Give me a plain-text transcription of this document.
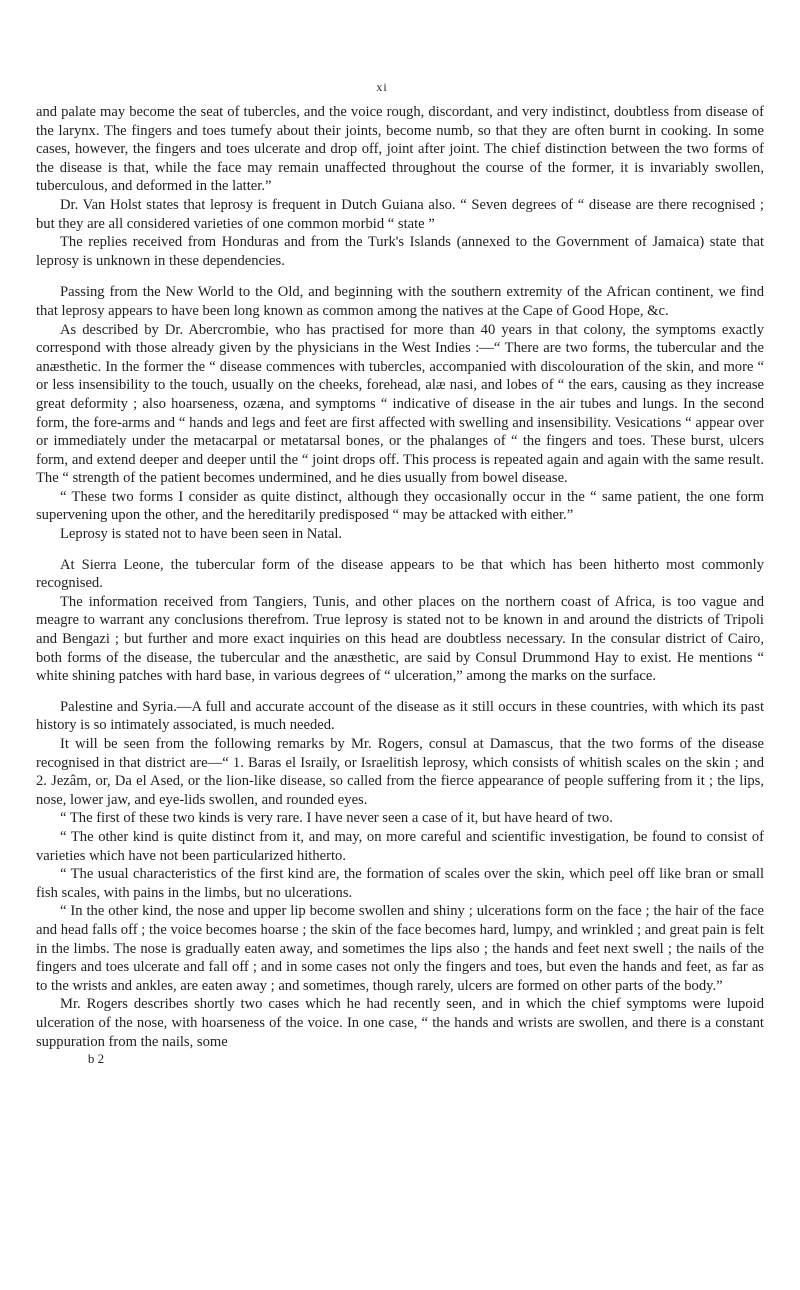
xi

and palate may become the seat of tubercles, and the voice rough, discordant, and very indistinct, doubtless from disease of the larynx. The fingers and toes tumefy about their joints, become numb, so that they are often burnt in cooking. In some cases, however, the fingers and toes ulcerate and drop off, joint after joint. The chief distinction between the two forms of the disease is that, while the face may remain unaffected throughout the course of the former, it is invariably swollen, tuberculous, and deformed in the latter.”

Dr. Van Holst states that leprosy is frequent in Dutch Guiana also. “ Seven degrees of “ disease are there recognised ; but they are all considered varieties of one common morbid “ state ”

The replies received from Honduras and from the Turk's Islands (annexed to the Government of Jamaica) state that leprosy is unknown in these dependencies.

Passing from the New World to the Old, and beginning with the southern extremity of the African continent, we find that leprosy appears to have been long known as common among the natives at the Cape of Good Hope, &c.

As described by Dr. Abercrombie, who has practised for more than 40 years in that colony, the symptoms exactly correspond with those already given by the physicians in the West Indies :—“ There are two forms, the tubercular and the anæsthetic. In the former the “ disease commences with tubercles, accompanied with discolouration of the skin, and more “ or less insensibility to the touch, usually on the cheeks, forehead, alæ nasi, and lobes of “ the ears, causing as they increase great deformity ; also hoarseness, ozæna, and symptoms “ indicative of disease in the air tubes and lungs. In the second form, the fore-arms and “ hands and legs and feet are first affected with swelling and insensibility. Vesications “ appear over or immediately under the metacarpal or metatarsal bones, or the phalanges of “ the fingers and toes. These burst, ulcers form, and extend deeper and deeper until the “ joint drops off. This process is repeated again and again with the same result. The “ strength of the patient becomes undermined, and he dies usually from bowel disease.

“ These two forms I consider as quite distinct, although they occasionally occur in the “ same patient, the one form supervening upon the other, and the hereditarily predisposed “ may be attacked with either.”

Leprosy is stated not to have been seen in Natal.

At Sierra Leone, the tubercular form of the disease appears to be that which has been hitherto most commonly recognised.

The information received from Tangiers, Tunis, and other places on the northern coast of Africa, is too vague and meagre to warrant any conclusions therefrom. True leprosy is stated not to be known in and around the districts of Tripoli and Bengazi ; but further and more exact inquiries on this head are doubtless necessary. In the consular district of Cairo, both forms of the disease, the tubercular and the anæsthetic, are said by Consul Drummond Hay to exist. He mentions “ white shining patches with hard base, in various degrees of “ ulceration,” among the marks on the surface.

Palestine and Syria.—A full and accurate account of the disease as it still occurs in these countries, with which its past history is so intimately associated, is much needed.

It will be seen from the following remarks by Mr. Rogers, consul at Damascus, that the two forms of the disease recognised in that district are—“ 1. Baras el Israily, or Israelitish leprosy, which consists of whitish scales on the skin ; and 2. Jezâm, or, Da el Ased, or the lion-like disease, so called from the fierce appearance of people suffering from it ; the lips, nose, lower jaw, and eye-lids swollen, and rounded eyes.

“ The first of these two kinds is very rare. I have never seen a case of it, but have heard of two.

“ The other kind is quite distinct from it, and may, on more careful and scientific investigation, be found to consist of varieties which have not been particularized hitherto.

“ The usual characteristics of the first kind are, the formation of scales over the skin, which peel off like bran or small fish scales, with pains in the limbs, but no ulcerations.

“ In the other kind, the nose and upper lip become swollen and shiny ; ulcerations form on the face ; the hair of the face and head falls off ; the voice becomes hoarse ; the skin of the face becomes hard, lumpy, and wrinkled ; and great pain is felt in the limbs. The nose is gradually eaten away, and sometimes the lips also ; the hands and feet next swell ; the nails of the fingers and toes ulcerate and fall off ; and in some cases not only the fingers and toes, but even the hands and feet, as far as to the wrists and ankles, are eaten away ; and sometimes, though rarely, ulcers are formed on other parts of the body.”

Mr. Rogers describes shortly two cases which he had recently seen, and in which the chief symptoms were lupoid ulceration of the nose, with hoarseness of the voice. In one case, “ the hands and wrists are swollen, and there is a constant suppuration from the nails, some

b 2
